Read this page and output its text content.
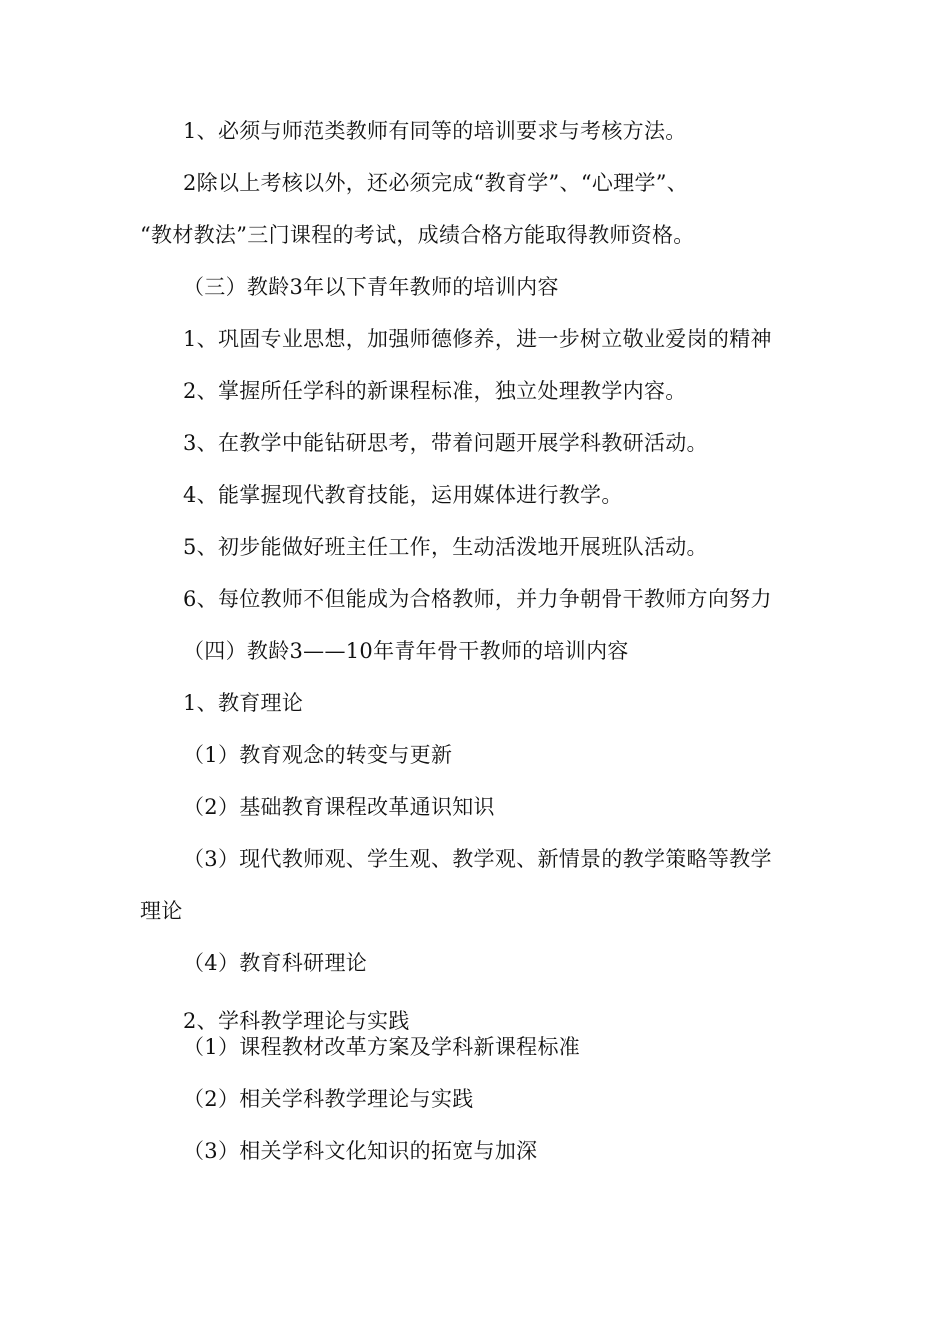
1、必须与师范类教师有同等的培训要求与考核方法。
2除以上考核以外，还必须完成“教育学”、“心理学”、
“教材教法”三门课程的考试，成绩合格方能取得教师资格。
（三）教龄3年以下青年教师的培训内容
1、巩固专业思想，加强师德修养，进一步树立敬业爱岗的精神
2、掌握所任学科的新课程标准，独立处理教学内容。
3、在教学中能钻研思考，带着问题开展学科教研活动。
4、能掌握现代教育技能，运用媒体进行教学。
5、初步能做好班主任工作，生动活泼地开展班队活动。
6、每位教师不但能成为合格教师，并力争朝骨干教师方向努力
（四）教龄3——10年青年骨干教师的培训内容
1、教育理论
（1）教育观念的转变与更新
（2）基础教育课程改革通识知识
（3）现代教师观、学生观、教学观、新情景的教学策略等教学
理论
（4）教育科研理论
2、学科教学理论与实践
（1）课程教材改革方案及学科新课程标准
（2）相关学科教学理论与实践
（3）相关学科文化知识的拓宽与加深
